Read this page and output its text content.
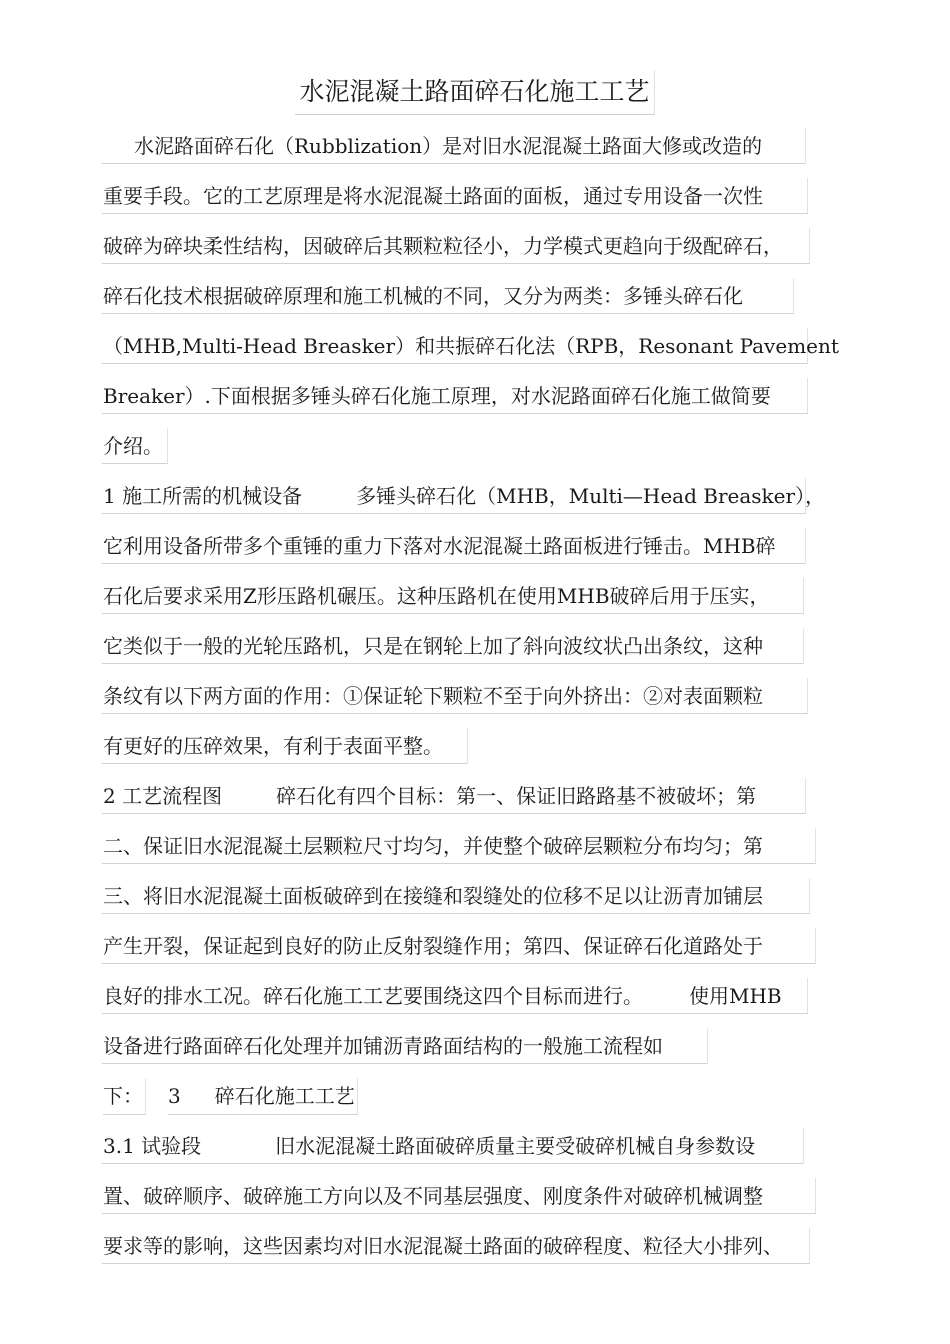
水泥混凝土路面碎石化施工工艺
水泥路面碎石化（Rubblization）是对旧水泥混凝土路面大修或改造的
重要手段。它的工艺原理是将水泥混凝土路面的面板，通过专用设备一次性
破碎为碎块柔性结构，因破碎后其颗粒粒径小，力学模式更趋向于级配碎石，
碎石化技术根据破碎原理和施工机械的不同，又分为两类：多锤头碎石化
（MHB,Multi-Head Breasker）和共振碎石化法（RPB，Resonant Pavement
Breaker）.下面根据多锤头碎石化施工原理，对水泥路面碎石化施工做简要
介绍。
1 施工所需的机械设备	多锤头碎石化（MHB，Multi—Head Breasker），
它利用设备所带多个重锤的重力下落对水泥混凝土路面板进行锤击。MHB碎
石化后要求采用Z形压路机碾压。这种压路机在使用MHB破碎后用于压实，
它类似于一般的光轮压路机，只是在钢轮上加了斜向波纹状凸出条纹，这种
条纹有以下两方面的作用：①保证轮下颗粒不至于向外挤出：②对表面颗粒
有更好的压碎效果，有利于表面平整。
2 工艺流程图	碎石化有四个目标：第一、保证旧路路基不被破坏；第
二、保证旧水泥混凝土层颗粒尺寸均匀，并使整个破碎层颗粒分布均匀；第
三、将旧水泥混凝土面板破碎到在接缝和裂缝处的位移不足以让沥青加铺层
产生开裂，保证起到良好的防止反射裂缝作用；第四、保证碎石化道路处于
良好的排水工况。碎石化施工工艺要围绕这四个目标而进行。 使用MHB
设备进行路面碎石化处理并加铺沥青路面结构的一般施工流程如
下： 3 碎石化施工工艺
3.1 试验段	旧水泥混凝土路面破碎质量主要受破碎机械自身参数设
置、破碎顺序、破碎施工方向以及不同基层强度、刚度条件对破碎机械调整
要求等的影响，这些因素均对旧水泥混凝土路面的破碎程度、粒径大小排列、
